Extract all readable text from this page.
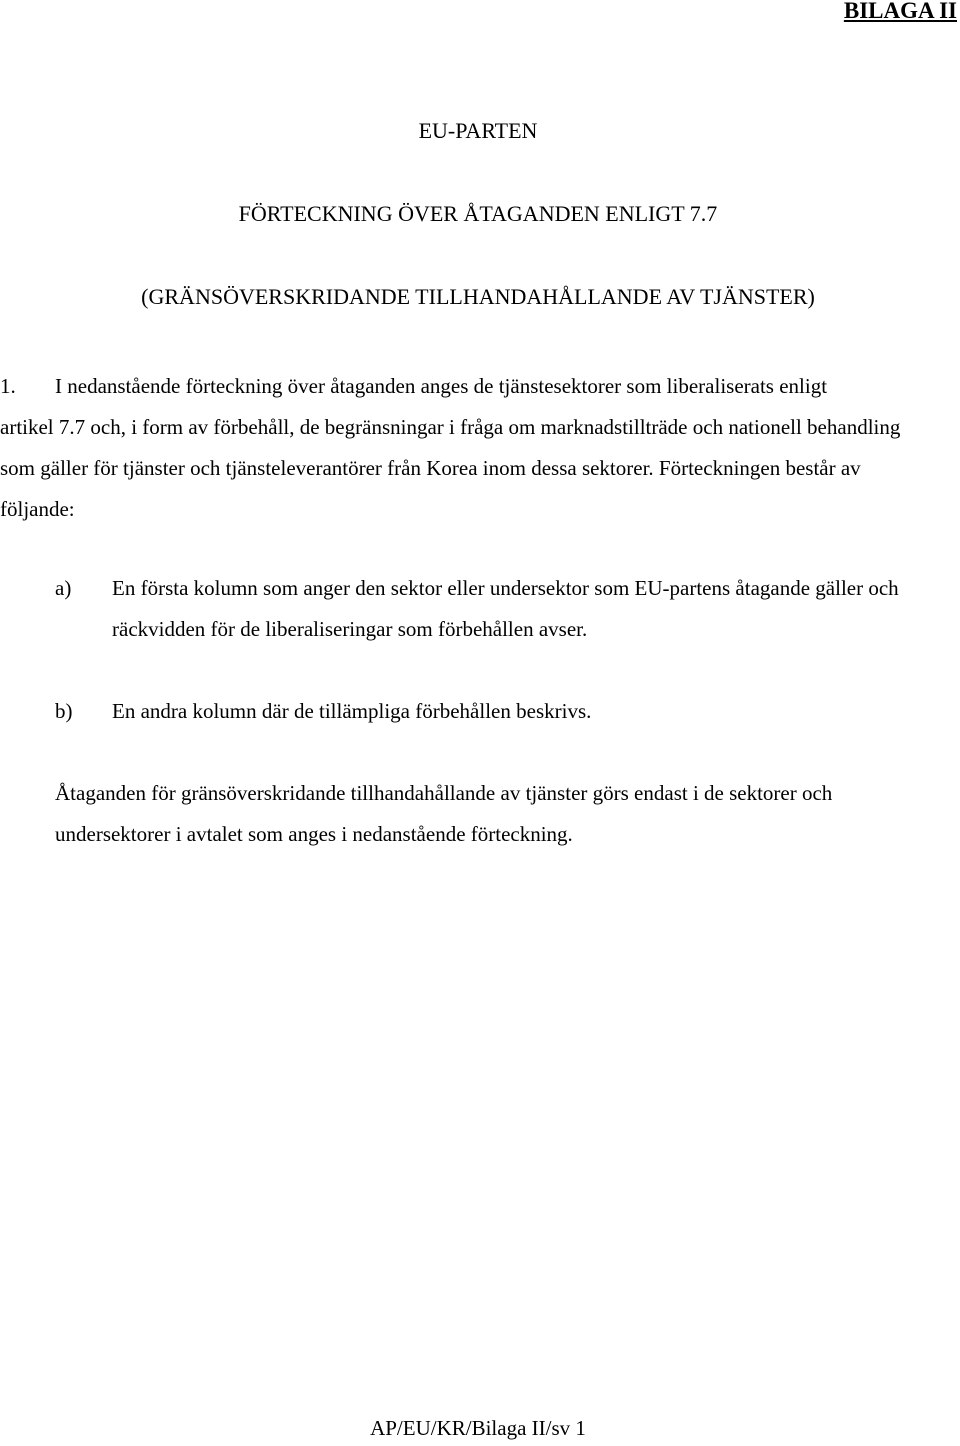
BILAGA II

EU-PARTEN
FÖRTECKNING ÖVER ÅTAGANDEN ENLIGT 7.7
(GRÄNSÖVERSKRIDANDE TILLHANDAHÅLLANDE AV TJÄNSTER)
1.	I nedanstående förteckning över åtaganden anges de tjänstesektorer som liberaliserats enligt
artikel 7.7 och, i form av förbehåll, de begränsningar i fråga om marknadstillträde och nationell behandling som gäller för tjänster och tjänsteleverantörer från Korea inom dessa sektorer. Förteckningen består av följande:
a)	En första kolumn som anger den sektor eller undersektor som EU-partens åtagande gäller och räckvidden för de liberaliseringar som förbehållen avser.
b)	En andra kolumn där de tillämpliga förbehållen beskrivs.

Åtaganden för gränsöverskridande tillhandahållande av tjänster görs endast i de sektorer och undersektorer i avtalet som anges i nedanstående förteckning.

AP/EU/KR/Bilaga II/sv 1
